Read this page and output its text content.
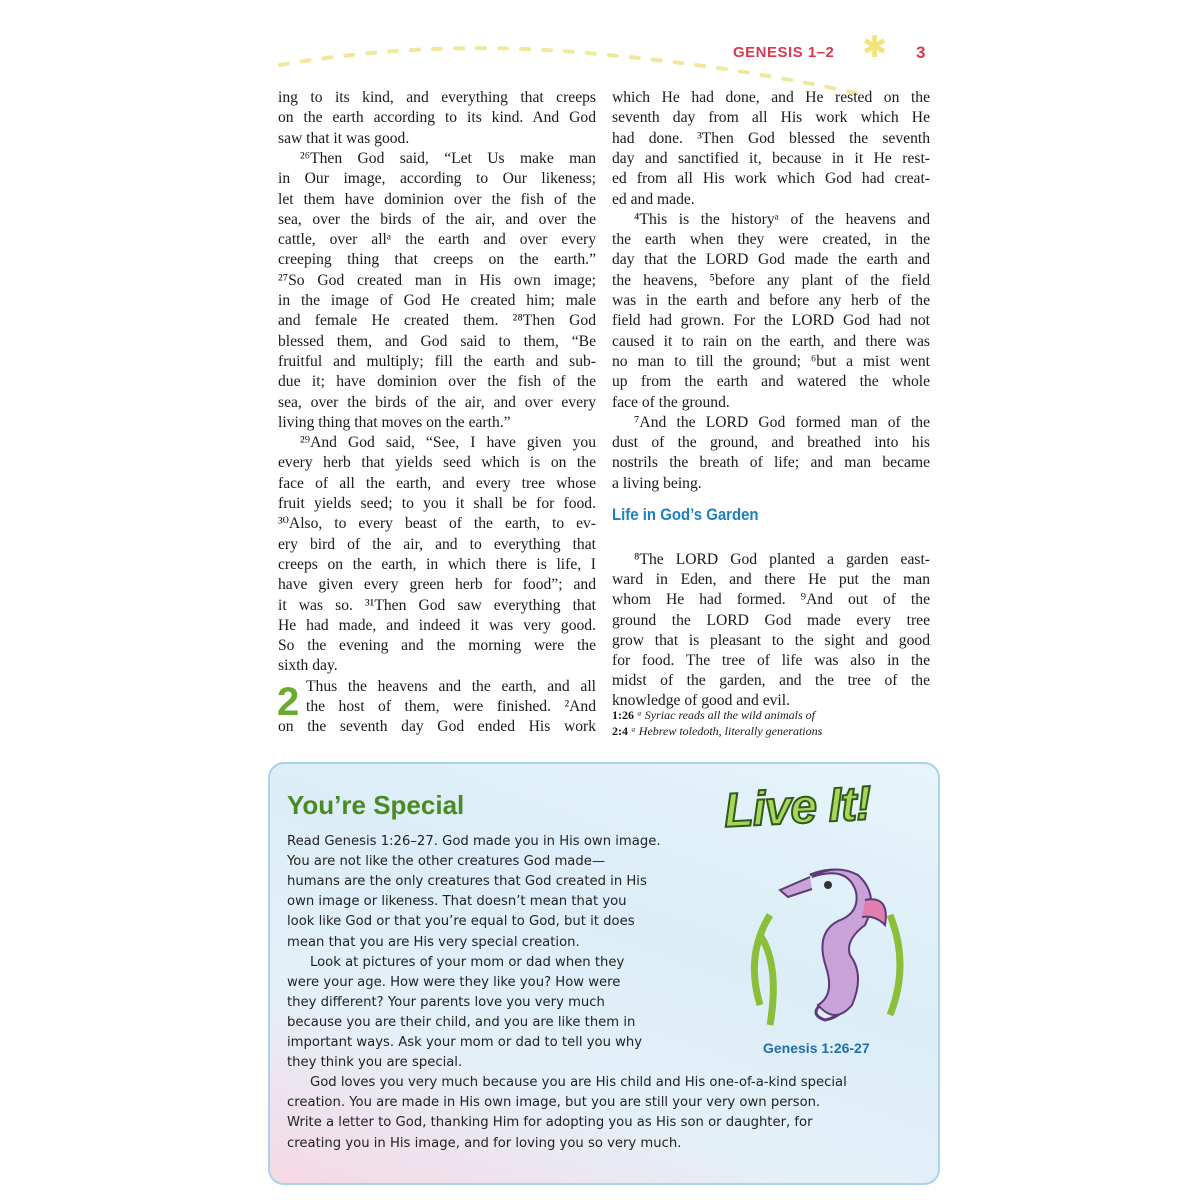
✱
GENESIS 1–2	3
ing to its kind, and everything that creeps
on the earth according to its kind. And God
saw that it was good.
²⁶Then God said, “Let Us make man
in Our image, according to Our likeness;
let them have dominion over the fish of the
sea, over the birds of the air, and over the
cattle, over allᵃ the earth and over every
creeping thing that creeps on the earth.”
²⁷So God created man in His own image;
in the image of God He created him; male
and female He created them. ²⁸Then God
blessed them, and God said to them, “Be
fruitful and multiply; fill the earth and sub-
due it; have dominion over the fish of the
sea, over the birds of the air, and over every
living thing that moves on the earth.”
²⁹And God said, “See, I have given you
every herb that yields seed which is on the
face of all the earth, and every tree whose
fruit yields seed; to you it shall be for food.
³⁰Also, to every beast of the earth, to ev-
ery bird of the air, and to everything that
creeps on the earth, in which there is life, I
have given every green herb for food”; and
it was so. ³¹Then God saw everything that
He had made, and indeed it was very good.
So the evening and the morning were the
sixth day.
Thus the heavens and the earth, and all
the host of them, were finished. ²And
on the seventh day God ended His work
2
which He had done, and He rested on the
seventh day from all His work which He
had done. ³Then God blessed the seventh
day and sanctified it, because in it He rest-
ed from all His work which God had creat-
ed and made.
⁴This is the historyᵃ of the heavens and
the earth when they were created, in the
day that the LORD God made the earth and
the heavens, ⁵before any plant of the field
was in the earth and before any herb of the
field had grown. For the LORD God had not
caused it to rain on the earth, and there was
no man to till the ground; ⁶but a mist went
up from the earth and watered the whole
face of the ground.
⁷And the LORD God formed man of the
dust of the ground, and breathed into his
nostrils the breath of life; and man became
a living being.
Life in God’s Garden
⁸The LORD God planted a garden east-
ward in Eden, and there He put the man
whom He had formed. ⁹And out of the
ground the LORD God made every tree
grow that is pleasant to the sight and good
for food. The tree of life was also in the
midst of the garden, and the tree of the
knowledge of good and evil.
1:26 ᵃ Syriac reads all the wild animals of
2:4 ᵃ Hebrew toledoth, literally generations
You’re Special	Live It!
Genesis 1:26-27
Read Genesis 1:26–27. God made you in His own image.
You are not like the other creatures God made—
humans are the only creatures that God created in His
own image or likeness. That doesn’t mean that you
look like God or that you’re equal to God, but it does
mean that you are His very special creation.
Look at pictures of your mom or dad when they
were your age. How were they like you? How were
they different? Your parents love you very much
because you are their child, and you are like them in
important ways. Ask your mom or dad to tell you why
they think you are special.
God loves you very much because you are His child and His one-of-a-kind special
creation. You are made in His own image, but you are still your very own person.
Write a letter to God, thanking Him for adopting you as His son or daughter, for
creating you in His image, and for loving you so very much.
